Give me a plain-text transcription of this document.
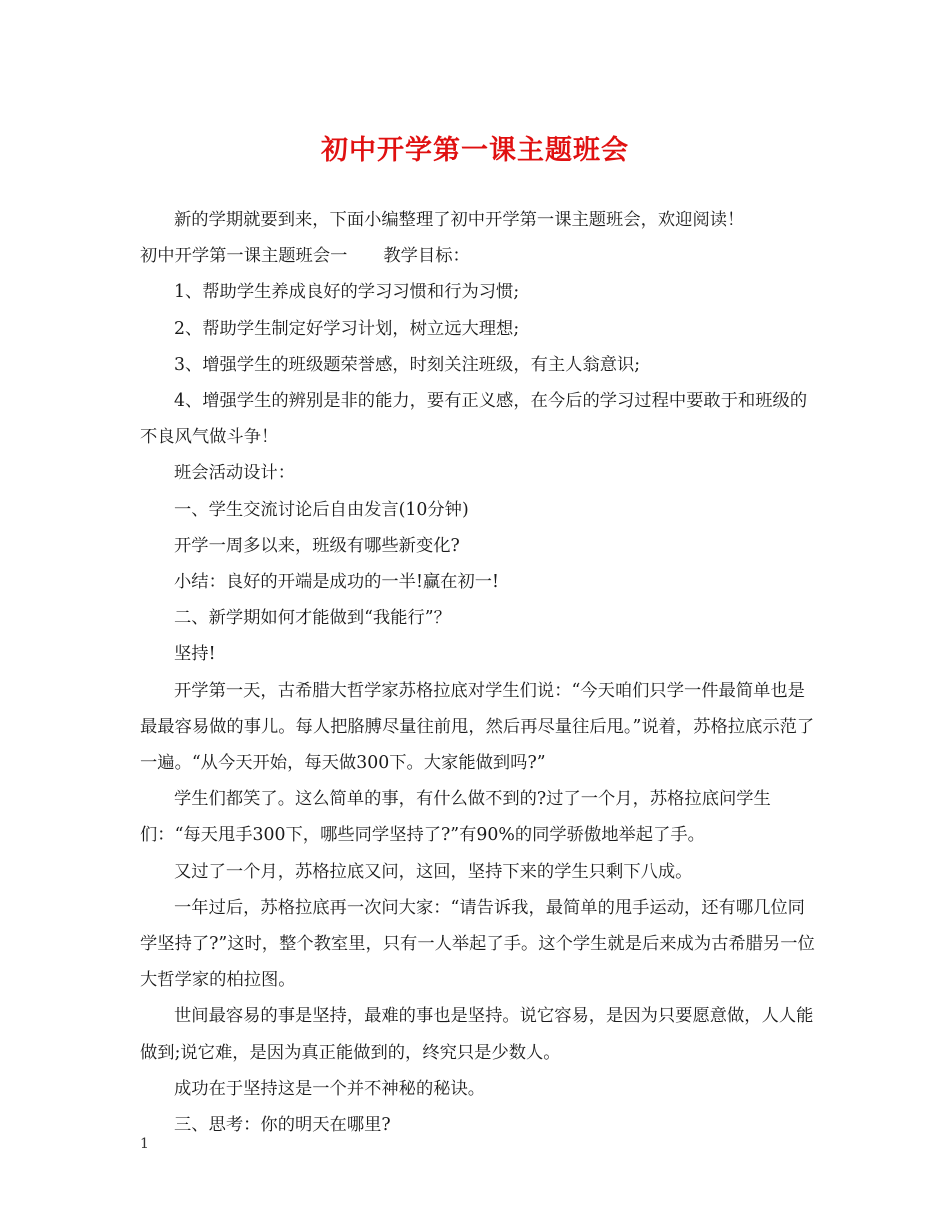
初中开学第一课主题班会

新的学期就要到来，下面小编整理了初中开学第一课主题班会，欢迎阅读！

初中开学第一课主题班会一 教学目标：

1、帮助学生养成良好的学习习惯和行为习惯;

2、帮助学生制定好学习计划，树立远大理想;

3、增强学生的班级题荣誉感，时刻关注班级，有主人翁意识;

4、增强学生的辨别是非的能力，要有正义感，在今后的学习过程中要敢于和班级的不良风气做斗争！

班会活动设计：

一、学生交流讨论后自由发言(10分钟)

开学一周多以来，班级有哪些新变化?

小结：良好的开端是成功的一半!赢在初一!

二、新学期如何才能做到“我能行”？

坚持!

开学第一天，古希腊大哲学家苏格拉底对学生们说：“今天咱们只学一件最简单也是最最容易做的事儿。每人把胳膊尽量往前甩，然后再尽量往后甩。”说着，苏格拉底示范了一遍。“从今天开始，每天做300下。大家能做到吗?”

学生们都笑了。这么简单的事，有什么做不到的?过了一个月，苏格拉底问学生们：“每天甩手300下，哪些同学坚持了?”有90%的同学骄傲地举起了手。

又过了一个月，苏格拉底又问，这回，坚持下来的学生只剩下八成。

一年过后，苏格拉底再一次问大家：“请告诉我，最简单的甩手运动，还有哪几位同学坚持了?”这时，整个教室里，只有一人举起了手。这个学生就是后来成为古希腊另一位大哲学家的柏拉图。

世间最容易的事是坚持，最难的事也是坚持。说它容易，是因为只要愿意做，人人能做到;说它难，是因为真正能做到的，终究只是少数人。

成功在于坚持这是一个并不神秘的秘诀。

三、思考：你的明天在哪里?

1
